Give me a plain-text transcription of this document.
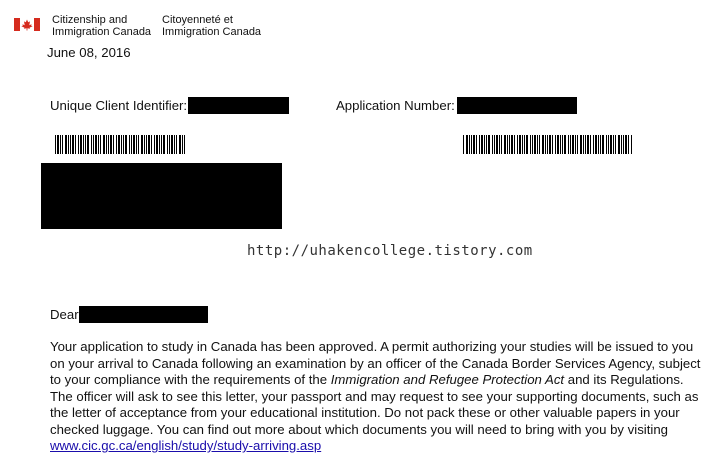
Citizenship and
Immigration Canada
Citoyenneté et
Immigration Canada
June 08, 2016
Unique Client Identifier:	Application Number:
http://uhakencollege.tistory.com
Dear
Your application to study in Canada has been approved. A permit authorizing your studies will be issued to you
on your arrival to Canada following an examination by an officer of the Canada Border Services Agency, subject
to your compliance with the requirements of the Immigration and Refugee Protection Act and its Regulations.
The officer will ask to see this letter, your passport and may request to see your supporting documents, such as
the letter of acceptance from your educational institution. Do not pack these or other valuable papers in your
checked luggage. You can find out more about which documents you will need to bring with you by visiting
www.cic.gc.ca/english/study/study-arriving.asp
